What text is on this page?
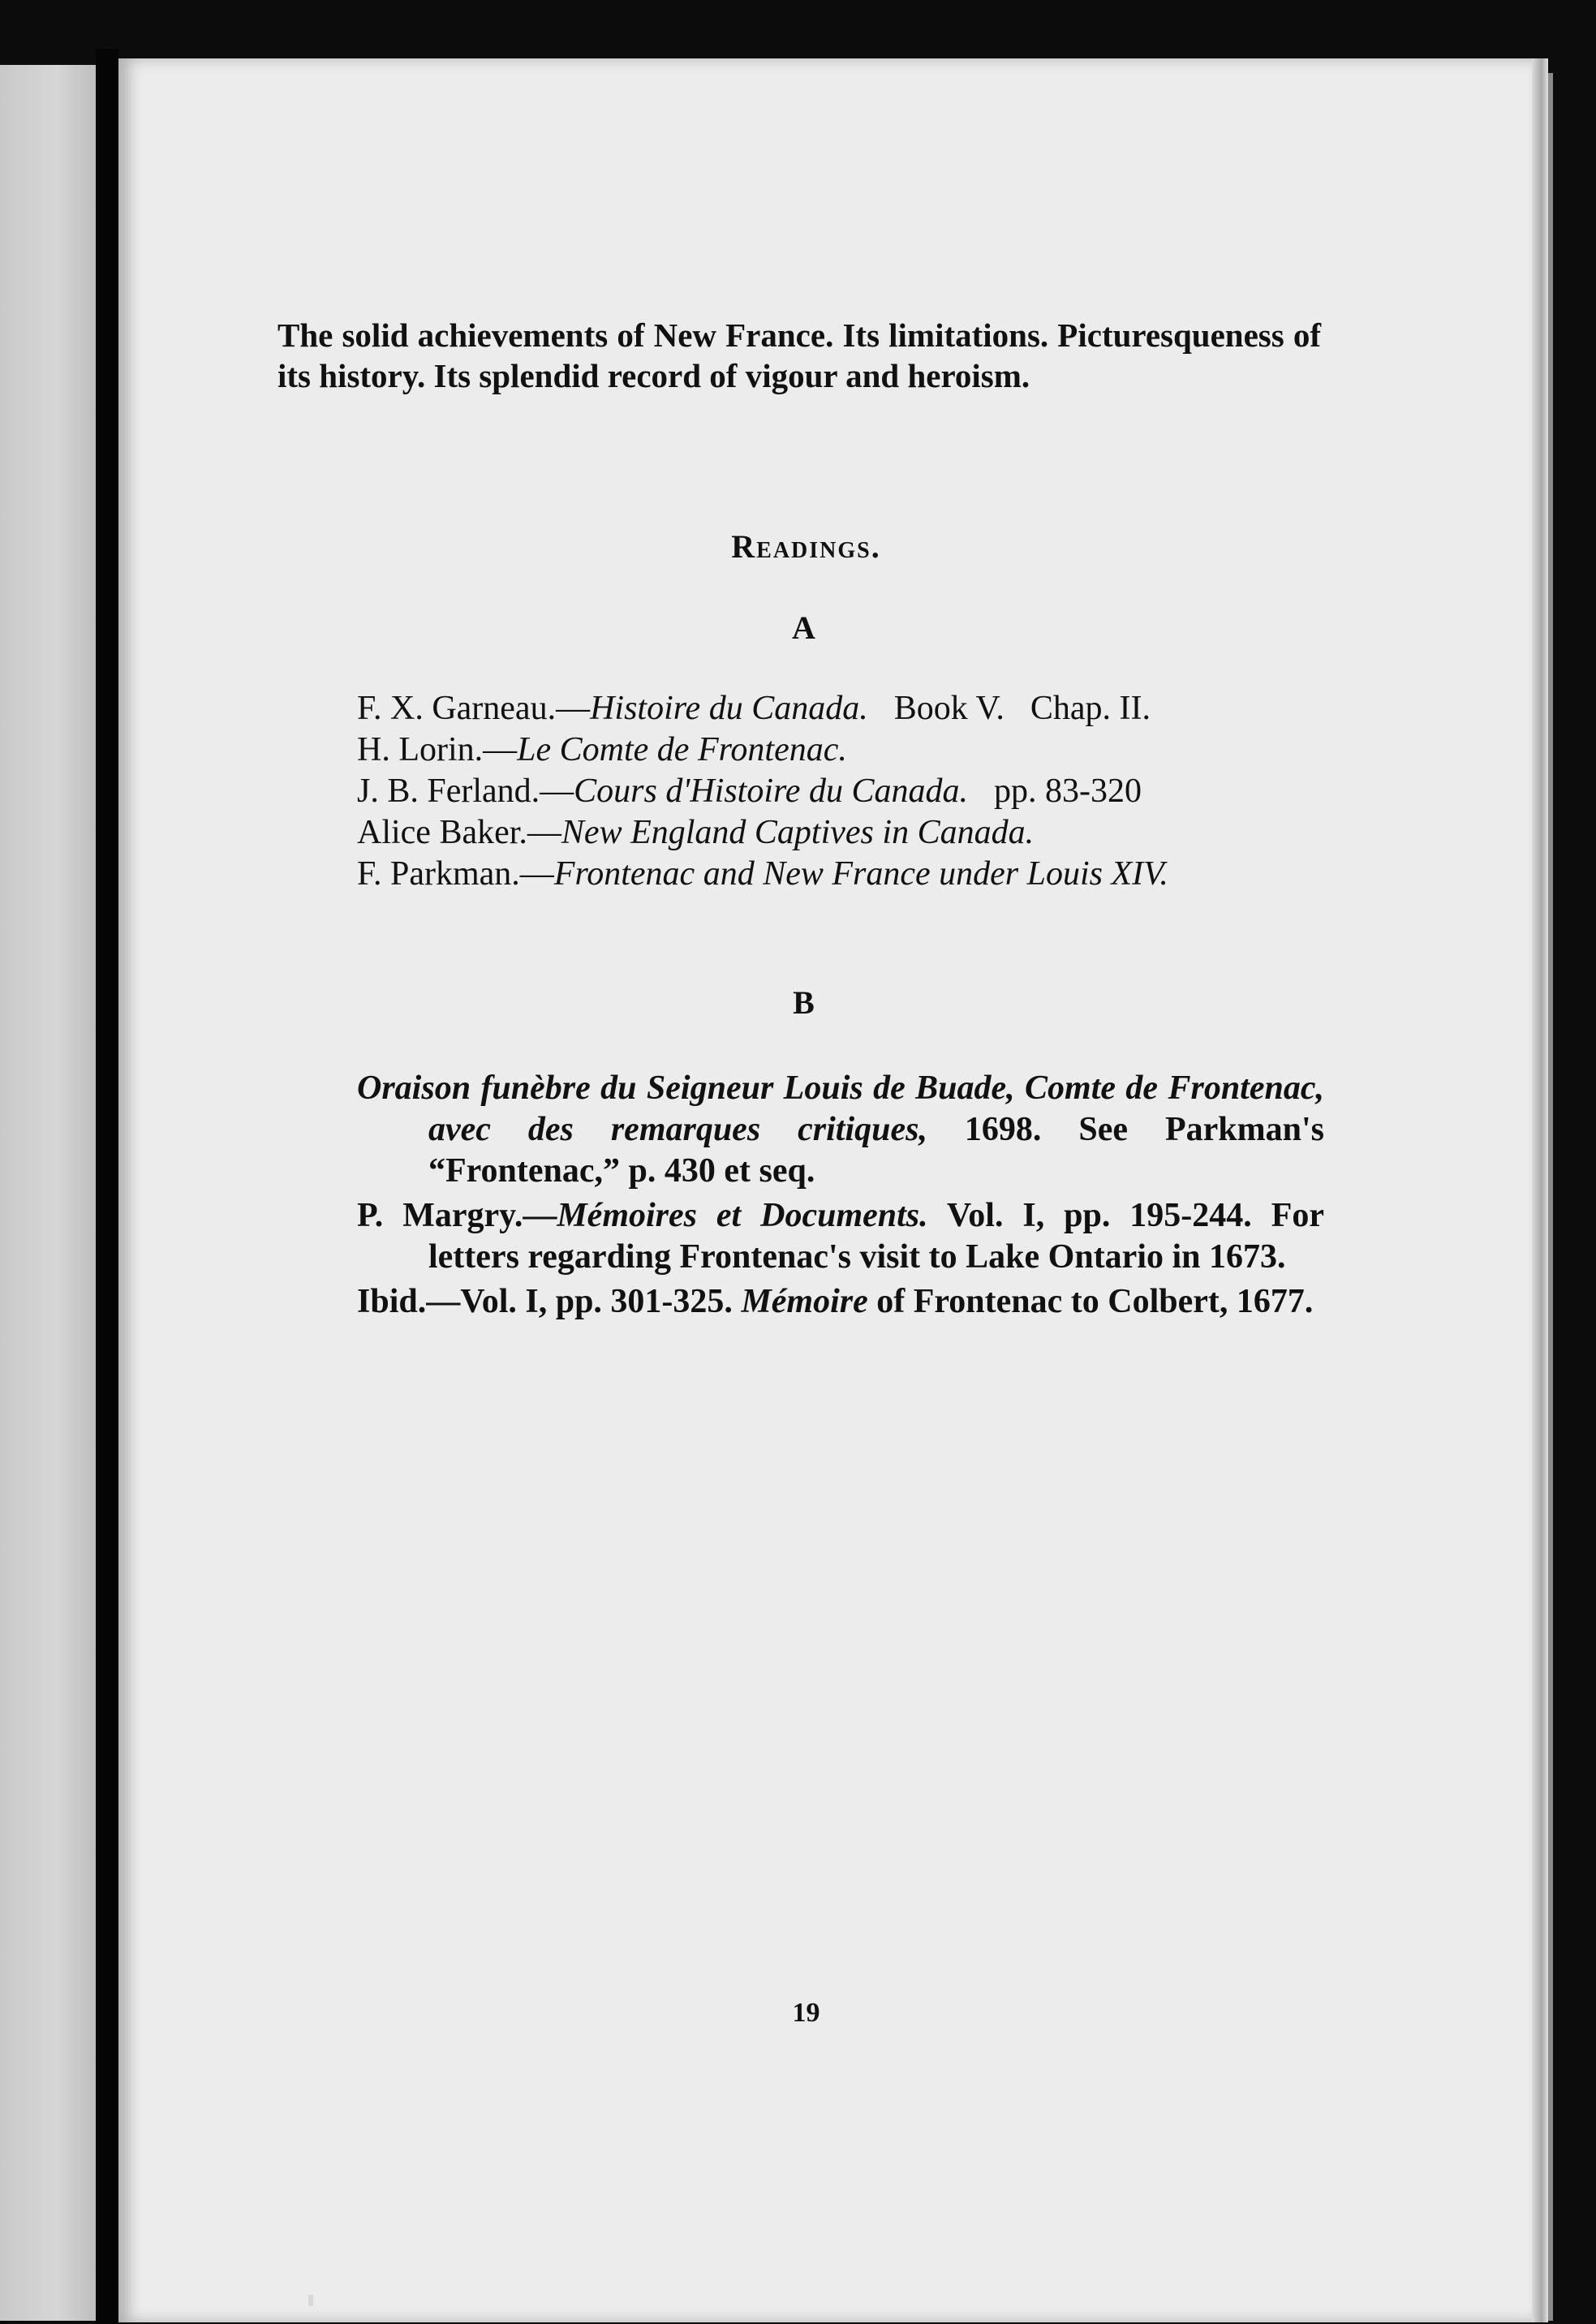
The solid achievements of New France. Its limitations. Picturesqueness of its history. Its splendid record of vigour and heroism.

Readings.
A
F. X. Garneau.—Histoire du Canada. Book V. Chap. II.
H. Lorin.—Le Comte de Frontenac.
J. B. Ferland.—Cours d'Histoire du Canada. pp. 83-320
Alice Baker.—New England Captives in Canada.
F. Parkman.—Frontenac and New France under Louis XIV.
B
Oraison funèbre du Seigneur Louis de Buade, Comte de Frontenac, avec des remarques critiques, 1698. See Parkman's “Frontenac,” p. 430 et seq.
P. Margry.—Mémoires et Documents. Vol. I, pp. 195-244. For letters regarding Frontenac's visit to Lake Ontario in 1673.
Ibid.—Vol. I, pp. 301-325. Mémoire of Frontenac to Colbert, 1677.

19
